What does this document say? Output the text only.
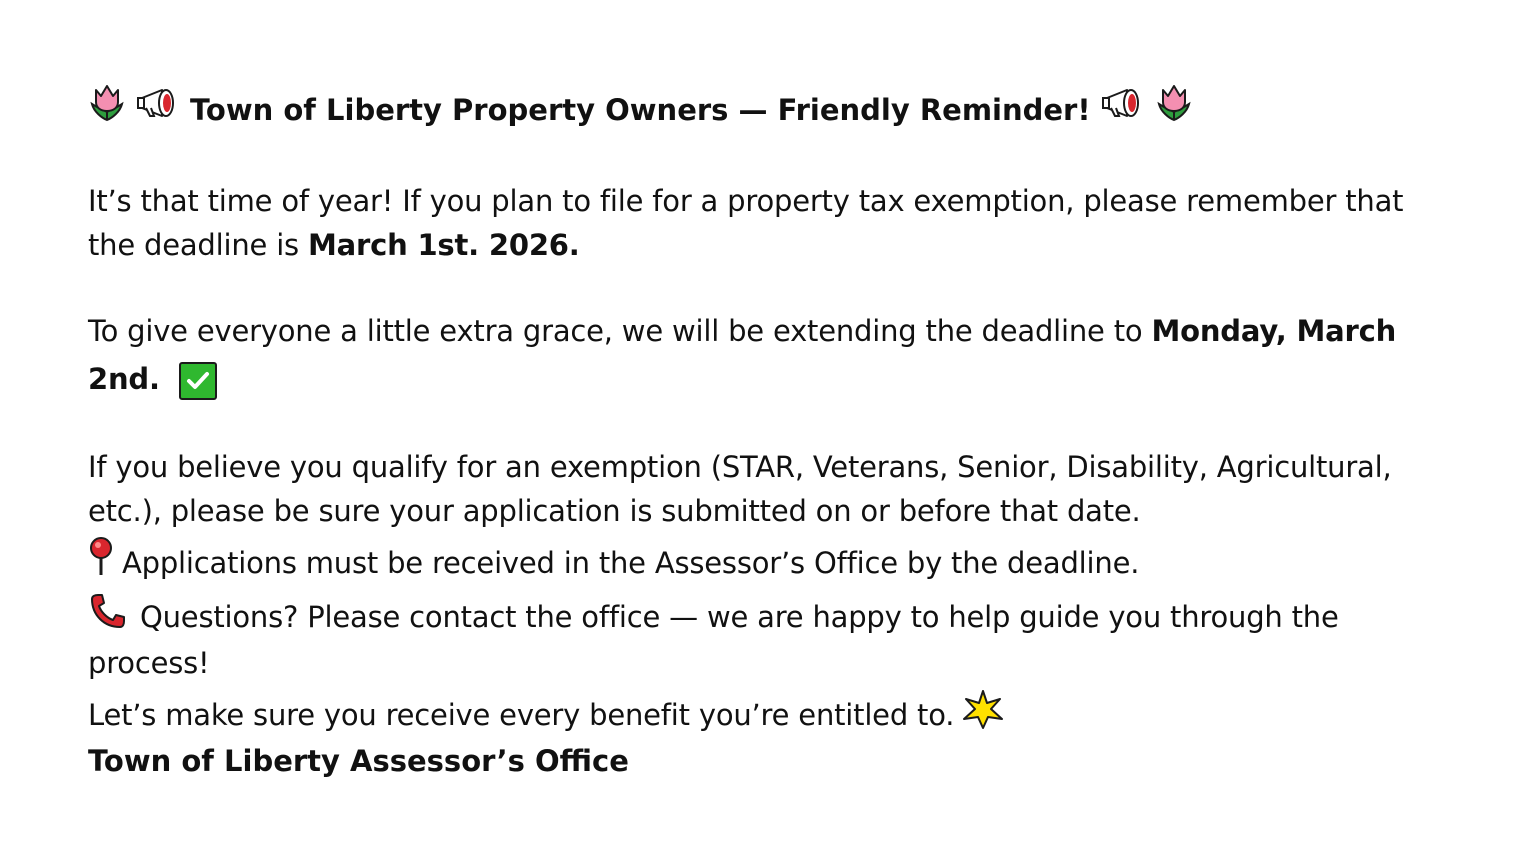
Town of Liberty Property Owners — Friendly Reminder!
It’s that time of year! If you plan to file for a property tax exemption, please remember that
the deadline is March 1st. 2026.
To give everyone a little extra grace, we will be extending the deadline to Monday, March
2nd.
If you believe you qualify for an exemption (STAR, Veterans, Senior, Disability, Agricultural,
etc.), please be sure your application is submitted on or before that date.
Applications must be received in the Assessor’s Office by the deadline.
Questions? Please contact the office — we are happy to help guide you through the
process!
Let’s make sure you receive every benefit you’re entitled to.
Town of Liberty Assessor’s Office
